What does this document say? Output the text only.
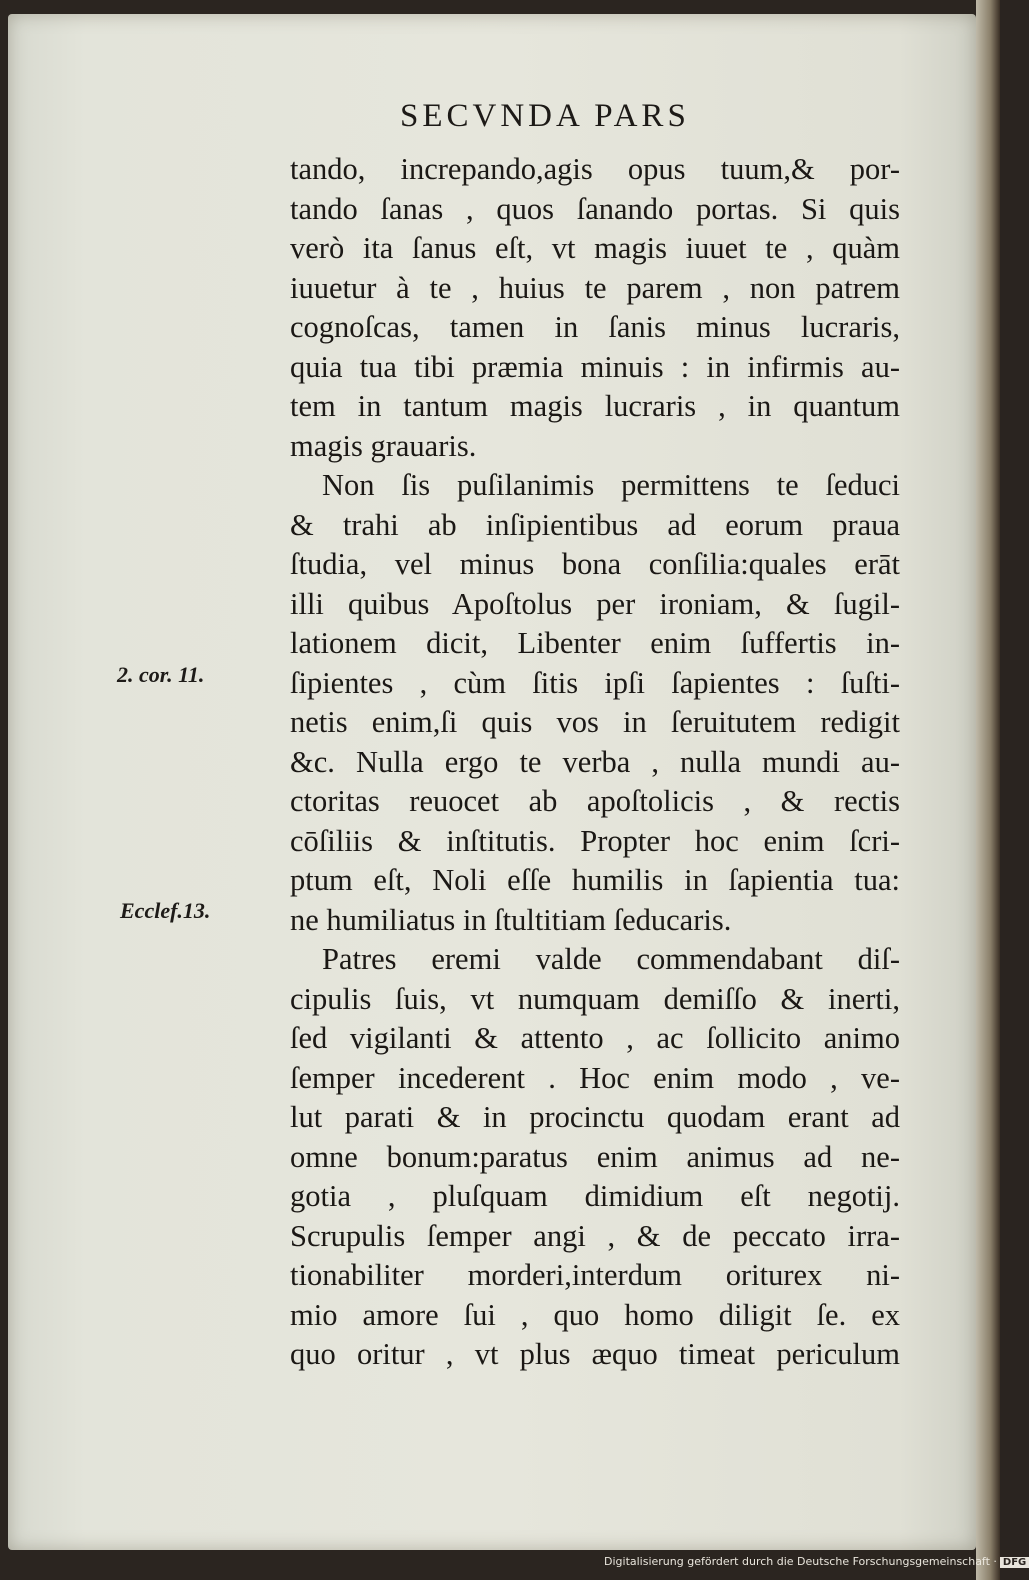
SECVNDA PARS
tando, increpando,agis opus tuum,& por-
tando ſanas , quos ſanando portas. Si quis
verò ita ſanus eſt, vt magis iuuet te , quàm
iuuetur à te , huius te parem , non patrem
cognoſcas, tamen in ſanis minus lucraris,
quia tua tibi præmia minuis : in infirmis au-
tem in tantum magis lucraris , in quantum
magis grauaris.
Non ſis puſilanimis permittens te ſeduci
& trahi ab inſipientibus ad eorum praua
ſtudia, vel minus bona conſilia:quales erāt
illi quibus Apoſtolus per ironiam, & ſugil-
lationem dicit, Libenter enim ſuffertis in-
ſipientes , cùm ſitis ipſi ſapientes : ſuſti-
netis enim,ſi quis vos in ſeruitutem redigit
&c. Nulla ergo te verba , nulla mundi au-
ctoritas reuocet ab apoſtolicis , & rectis
cōſiliis & inſtitutis. Propter hoc enim ſcri-
ptum eſt, Noli eſſe humilis in ſapientia tua:
ne humiliatus in ſtultitiam ſeducaris.
Patres eremi valde commendabant diſ-
cipulis ſuis, vt numquam demiſſo & inerti,
ſed vigilanti & attento , ac ſollicito animo
ſemper incederent . Hoc enim modo , ve-
lut parati & in procinctu quodam erant ad
omne bonum:paratus enim animus ad ne-
gotia , pluſquam dimidium eſt negotij.
Scrupulis ſemper angi , & de peccato irra-
tionabiliter morderi,interdum oriturex ni-
mio amore ſui , quo homo diligit ſe. ex
quo oritur , vt plus æquo timeat periculum
2. cor. 11.
Ecclef.13.
Digitalisierung gefördert durch die Deutsche Forschungsgemeinschaft · DFG
